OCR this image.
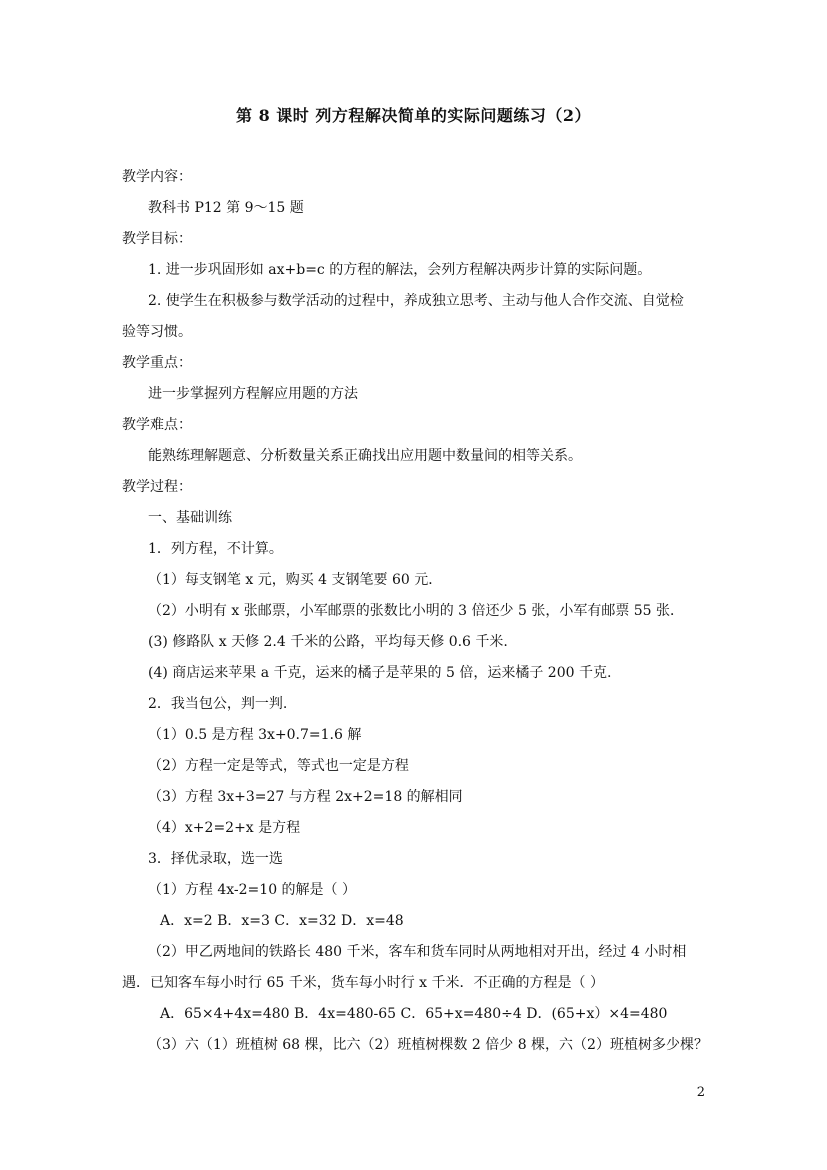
第 8 课时 列方程解决简单的实际问题练习（2）
教学内容：
教科书 P12 第 9～15 题
教学目标：
1. 进一步巩固形如 ax+b=c 的方程的解法，会列方程解决两步计算的实际问题。
2. 使学生在积极参与数学活动的过程中，养成独立思考、主动与他人合作交流、自觉检
验等习惯。
教学重点：
进一步掌握列方程解应用题的方法
教学难点：
能熟练理解题意、分析数量关系正确找出应用题中数量间的相等关系。
教学过程：
一、基础训练
1．列方程，不计算。
（1）每支钢笔 x 元，购买 4 支钢笔要 60 元．
（2）小明有 x 张邮票，小军邮票的张数比小明的 3 倍还少 5 张，小军有邮票 55 张．
(3) 修路队 x 天修 2.4 千米的公路，平均每天修 0.6 千米.
(4) 商店运来苹果 a 千克，运来的橘子是苹果的 5 倍，运来橘子 200 千克.
2．我当包公，判一判.
（1）0.5 是方程 3x+0.7=1.6 解
（2）方程一定是等式，等式也一定是方程
（3）方程 3x+3=27 与方程 2x+2=18 的解相同
（4）x+2=2+x 是方程
3．择优录取，选一选
（1）方程 4x-2=10 的解是（ ）
A．x=2 B．x=3 C．x=32 D．x=48
（2）甲乙两地间的铁路长 480 千米，客车和货车同时从两地相对开出，经过 4 小时相
遇．已知客车每小时行 65 千米，货车每小时行 x 千米．不正确的方程是（ ）
A．65×4+4x=480 B．4x=480-65 C．65+x=480÷4 D．(65+x）×4=480
（3）六（1）班植树 68 棵，比六（2）班植树棵数 2 倍少 8 棵，六（2）班植树多少棵？
2
